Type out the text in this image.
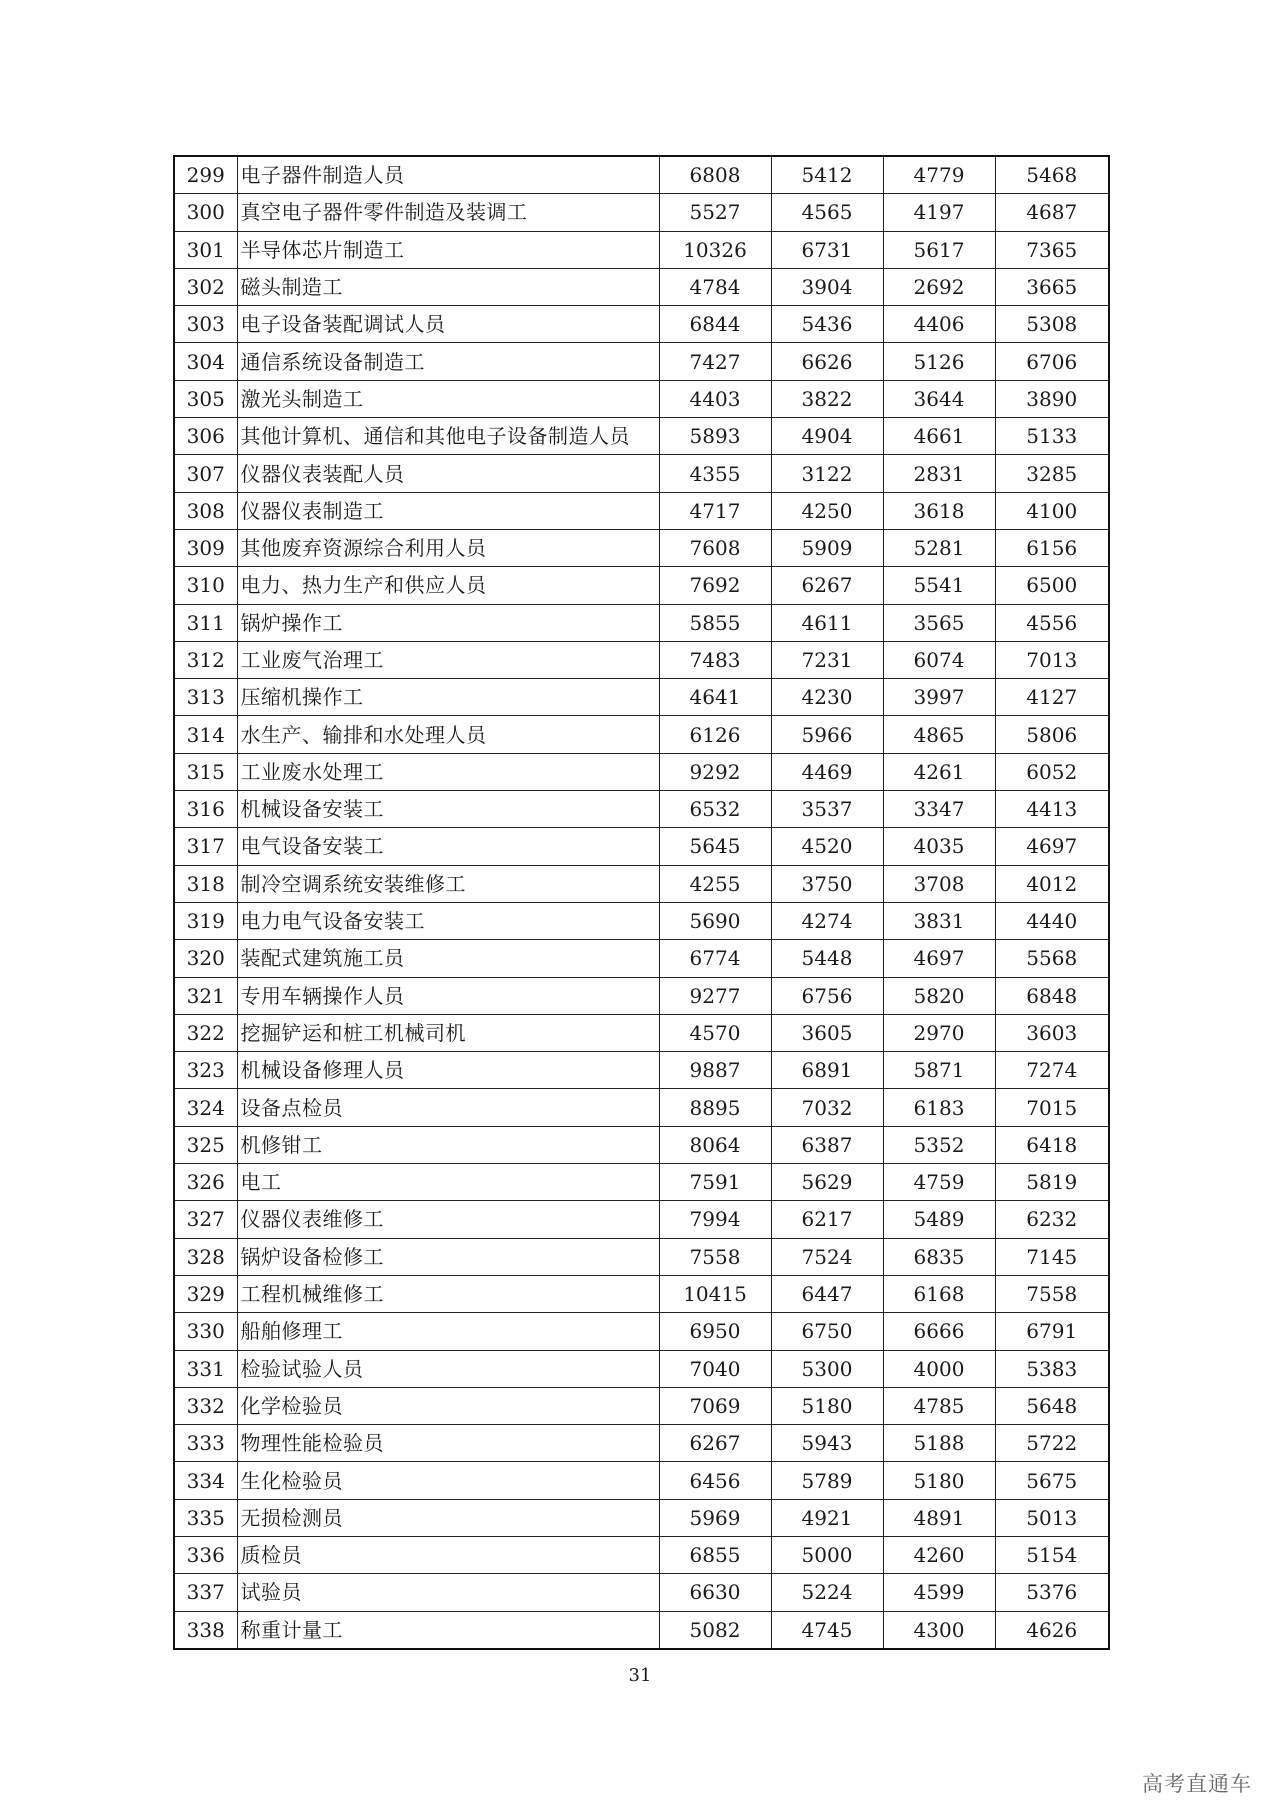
299	电子器件制造人员	6808	5412	4779	5468
300	真空电子器件零件制造及装调工	5527	4565	4197	4687
301	半导体芯片制造工	10326	6731	5617	7365
302	磁头制造工	4784	3904	2692	3665
303	电子设备装配调试人员	6844	5436	4406	5308
304	通信系统设备制造工	7427	6626	5126	6706
305	激光头制造工	4403	3822	3644	3890
306	其他计算机、通信和其他电子设备制造人员	5893	4904	4661	5133
307	仪器仪表装配人员	4355	3122	2831	3285
308	仪器仪表制造工	4717	4250	3618	4100
309	其他废弃资源综合利用人员	7608	5909	5281	6156
310	电力、热力生产和供应人员	7692	6267	5541	6500
311	锅炉操作工	5855	4611	3565	4556
312	工业废气治理工	7483	7231	6074	7013
313	压缩机操作工	4641	4230	3997	4127
314	水生产、输排和水处理人员	6126	5966	4865	5806
315	工业废水处理工	9292	4469	4261	6052
316	机械设备安装工	6532	3537	3347	4413
317	电气设备安装工	5645	4520	4035	4697
318	制冷空调系统安装维修工	4255	3750	3708	4012
319	电力电气设备安装工	5690	4274	3831	4440
320	装配式建筑施工员	6774	5448	4697	5568
321	专用车辆操作人员	9277	6756	5820	6848
322	挖掘铲运和桩工机械司机	4570	3605	2970	3603
323	机械设备修理人员	9887	6891	5871	7274
324	设备点检员	8895	7032	6183	7015
325	机修钳工	8064	6387	5352	6418
326	电工	7591	5629	4759	5819
327	仪器仪表维修工	7994	6217	5489	6232
328	锅炉设备检修工	7558	7524	6835	7145
329	工程机械维修工	10415	6447	6168	7558
330	船舶修理工	6950	6750	6666	6791
331	检验试验人员	7040	5300	4000	5383
332	化学检验员	7069	5180	4785	5648
333	物理性能检验员	6267	5943	5188	5722
334	生化检验员	6456	5789	5180	5675
335	无损检测员	5969	4921	4891	5013
336	质检员	6855	5000	4260	5154
337	试验员	6630	5224	4599	5376
338	称重计量工	5082	4745	4300	4626
31
高考直通车
